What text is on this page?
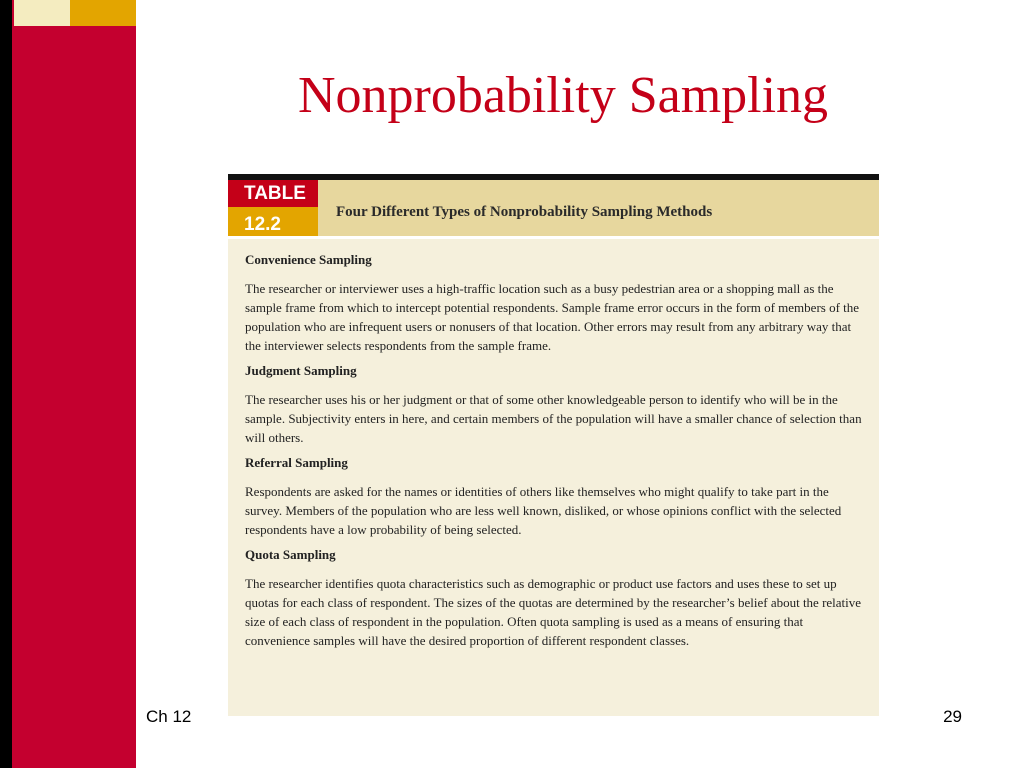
Nonprobability Sampling

TABLE

12.2

Four Different Types of Nonprobability Sampling Methods

Convenience Sampling

The researcher or interviewer uses a high-traffic location such as a busy pedestrian area or a shopping mall as the sample frame from which to intercept potential respondents. Sample frame error occurs in the form of members of the population who are infrequent users or nonusers of that location. Other errors may result from any arbitrary way that the interviewer selects respondents from the sample frame.

Judgment Sampling

The researcher uses his or her judgment or that of some other knowledgeable person to identify who will be in the sample. Subjectivity enters in here, and certain members of the population will have a smaller chance of selection than will others.

Referral Sampling

Respondents are asked for the names or identities of others like themselves who might qualify to take part in the survey. Members of the population who are less well known, disliked, or whose opinions conflict with the selected respondents have a low probability of being selected.

Quota Sampling

The researcher identifies quota characteristics such as demographic or product use factors and uses these to set up quotas for each class of respondent. The sizes of the quotas are determined by the researcher’s belief about the relative size of each class of respondent in the population. Often quota sampling is used as a means of ensuring that convenience samples will have the desired proportion of different respondent classes.

Ch 12	29
